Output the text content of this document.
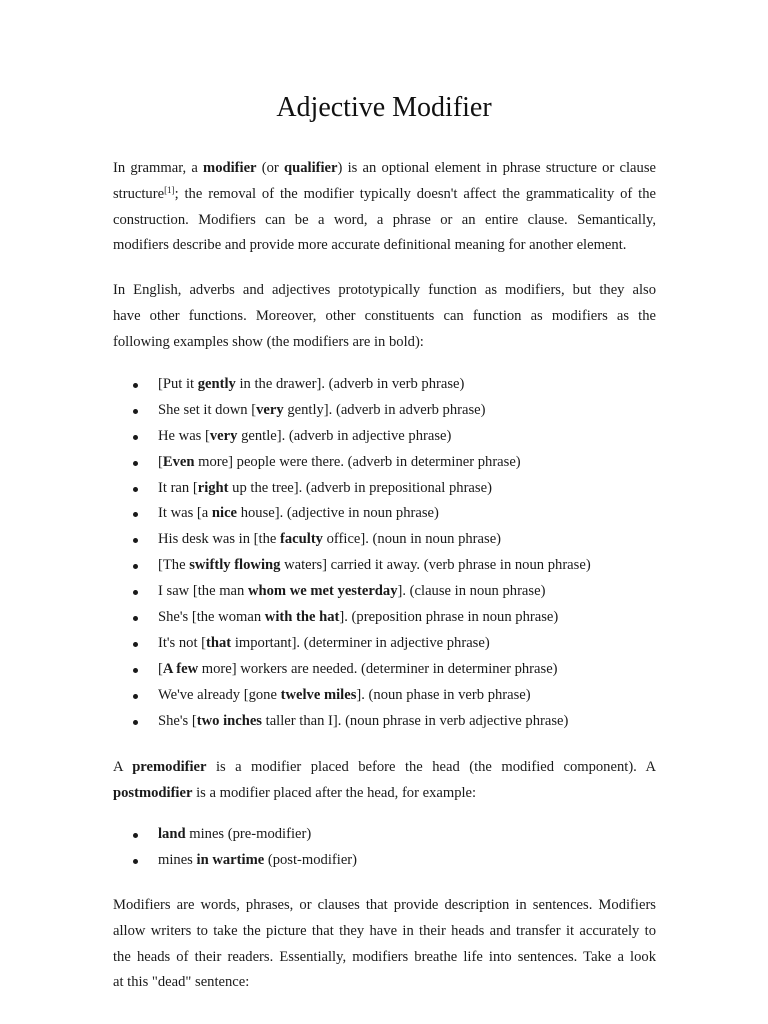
Adjective Modifier

In grammar, a modifier (or qualifier) is an optional element in phrase structure or clause
structure[1]; the removal of the modifier typically doesn't affect the grammaticality of the
construction. Modifiers can be a word, a phrase or an entire clause. Semantically,
modifiers describe and provide more accurate definitional meaning for another element.

In English, adverbs and adjectives prototypically function as modifiers, but they also
have other functions. Moreover, other constituents can function as modifiers as the
following examples show (the modifiers are in bold):

[Put it gently in the drawer]. (adverb in verb phrase)
She set it down [very gently]. (adverb in adverb phrase)
He was [very gentle]. (adverb in adjective phrase)
[Even more] people were there. (adverb in determiner phrase)
It ran [right up the tree]. (adverb in prepositional phrase)
It was [a nice house]. (adjective in noun phrase)
His desk was in [the faculty office]. (noun in noun phrase)
[The swiftly flowing waters] carried it away. (verb phrase in noun phrase)
I saw [the man whom we met yesterday]. (clause in noun phrase)
She's [the woman with the hat]. (preposition phrase in noun phrase)
It's not [that important]. (determiner in adjective phrase)
[A few more] workers are needed. (determiner in determiner phrase)
We've already [gone twelve miles]. (noun phase in verb phrase)
She's [two inches taller than I]. (noun phrase in verb adjective phrase)

A premodifier is a modifier placed before the head (the modified component). A
postmodifier is a modifier placed after the head, for example:

land mines (pre-modifier)
mines in wartime (post-modifier)

Modifiers are words, phrases, or clauses that provide description in sentences. Modifiers
allow writers to take the picture that they have in their heads and transfer it accurately to
the heads of their readers. Essentially, modifiers breathe life into sentences. Take a look
at this "dead" sentence:
